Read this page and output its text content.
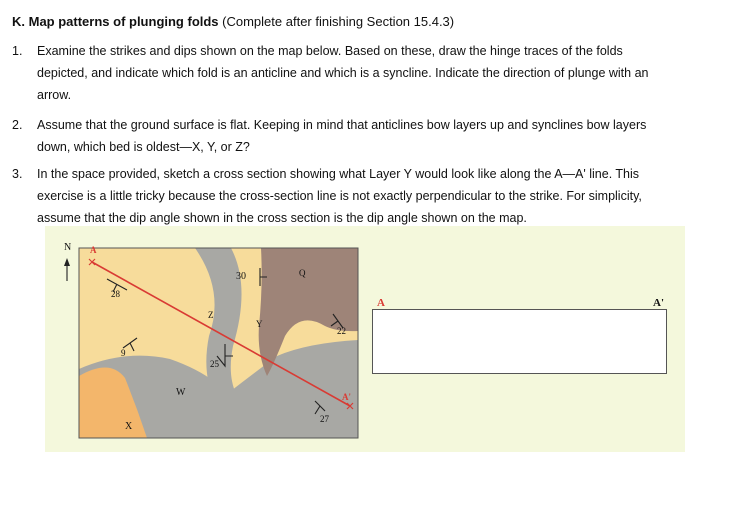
K. Map patterns of plunging folds (Complete after finishing Section 15.4.3)
1.	Examine the strikes and dips shown on the map below. Based on these, draw the hinge traces of the folds
depicted, and indicate which fold is an anticline and which is a syncline. Indicate the direction of plunge with an
arrow.
2.	Assume that the ground surface is flat. Keeping in mind that anticlines bow layers up and synclines bow layers
down, which bed is oldest—X, Y, or Z?
3.	In the space provided, sketch a cross section showing what Layer Y would look like along the A—A' line. This
exercise is a little tricky because the cross-section line is not exactly perpendicular to the strike. For simplicity,
assume that the dip angle shown in the cross section is the dip angle shown on the map.
N A
A'
28
9
25
30
22
27
W
X
Y
Z
Q
A	A'
